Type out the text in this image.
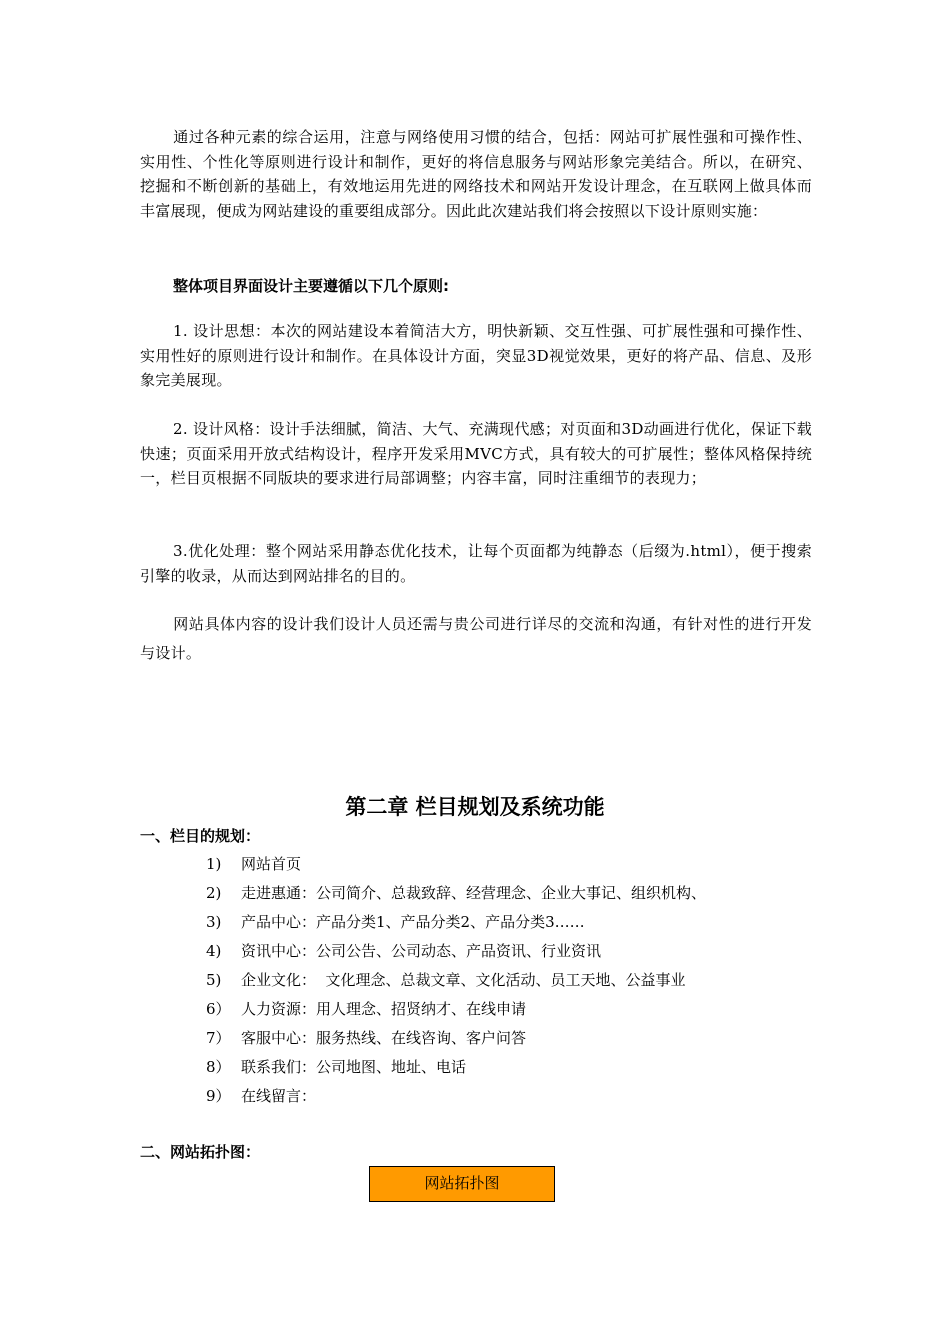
通过各种元素的综合运用，注意与网络使用习惯的结合，包括：网站可扩展性强和可操作性、实用性、个性化等原则进行设计和制作，更好的将信息服务与网站形象完美结合。所以，在研究、挖掘和不断创新的基础上，有效地运用先进的网络技术和网站开发设计理念，在互联网上做具体而丰富展现，便成为网站建设的重要组成部分。因此此次建站我们将会按照以下设计原则实施：

整体项目界面设计主要遵循以下几个原则:

1. 设计思想：本次的网站建设本着简洁大方，明快新颖、交互性强、可扩展性强和可操作性、实用性好的原则进行设计和制作。在具体设计方面，突显3D视觉效果，更好的将产品、信息、及形象完美展现。

2. 设计风格：设计手法细腻，简洁、大气、充满现代感；对页面和3D动画进行优化，保证下载快速；页面采用开放式结构设计，程序开发采用MVC方式，具有较大的可扩展性；整体风格保持统一，栏目页根据不同版块的要求进行局部调整；内容丰富，同时注重细节的表现力；

3.优化处理：整个网站采用静态优化技术，让每个页面都为纯静态（后缀为.html），便于搜索引擎的收录，从而达到网站排名的目的。

网站具体内容的设计我们设计人员还需与贵公司进行详尽的交流和沟通，有针对性的进行开发与设计。

第二章 栏目规划及系统功能
一、栏目的规划：
1) 网站首页
2) 走进惠通：公司简介、总裁致辞、经营理念、企业大事记、组织机构、
3) 产品中心：产品分类1、产品分类2、产品分类3……
4) 资讯中心：公司公告、公司动态、产品资讯、行业资讯
5) 企业文化：  文化理念、总裁文章、文化活动、员工天地、公益事业
6） 人力资源：用人理念、招贤纳才、在线申请
7） 客服中心：服务热线、在线咨询、客户问答
8） 联系我们：公司地图、地址、电话
9） 在线留言：
二、网站拓扑图：
网站拓扑图
